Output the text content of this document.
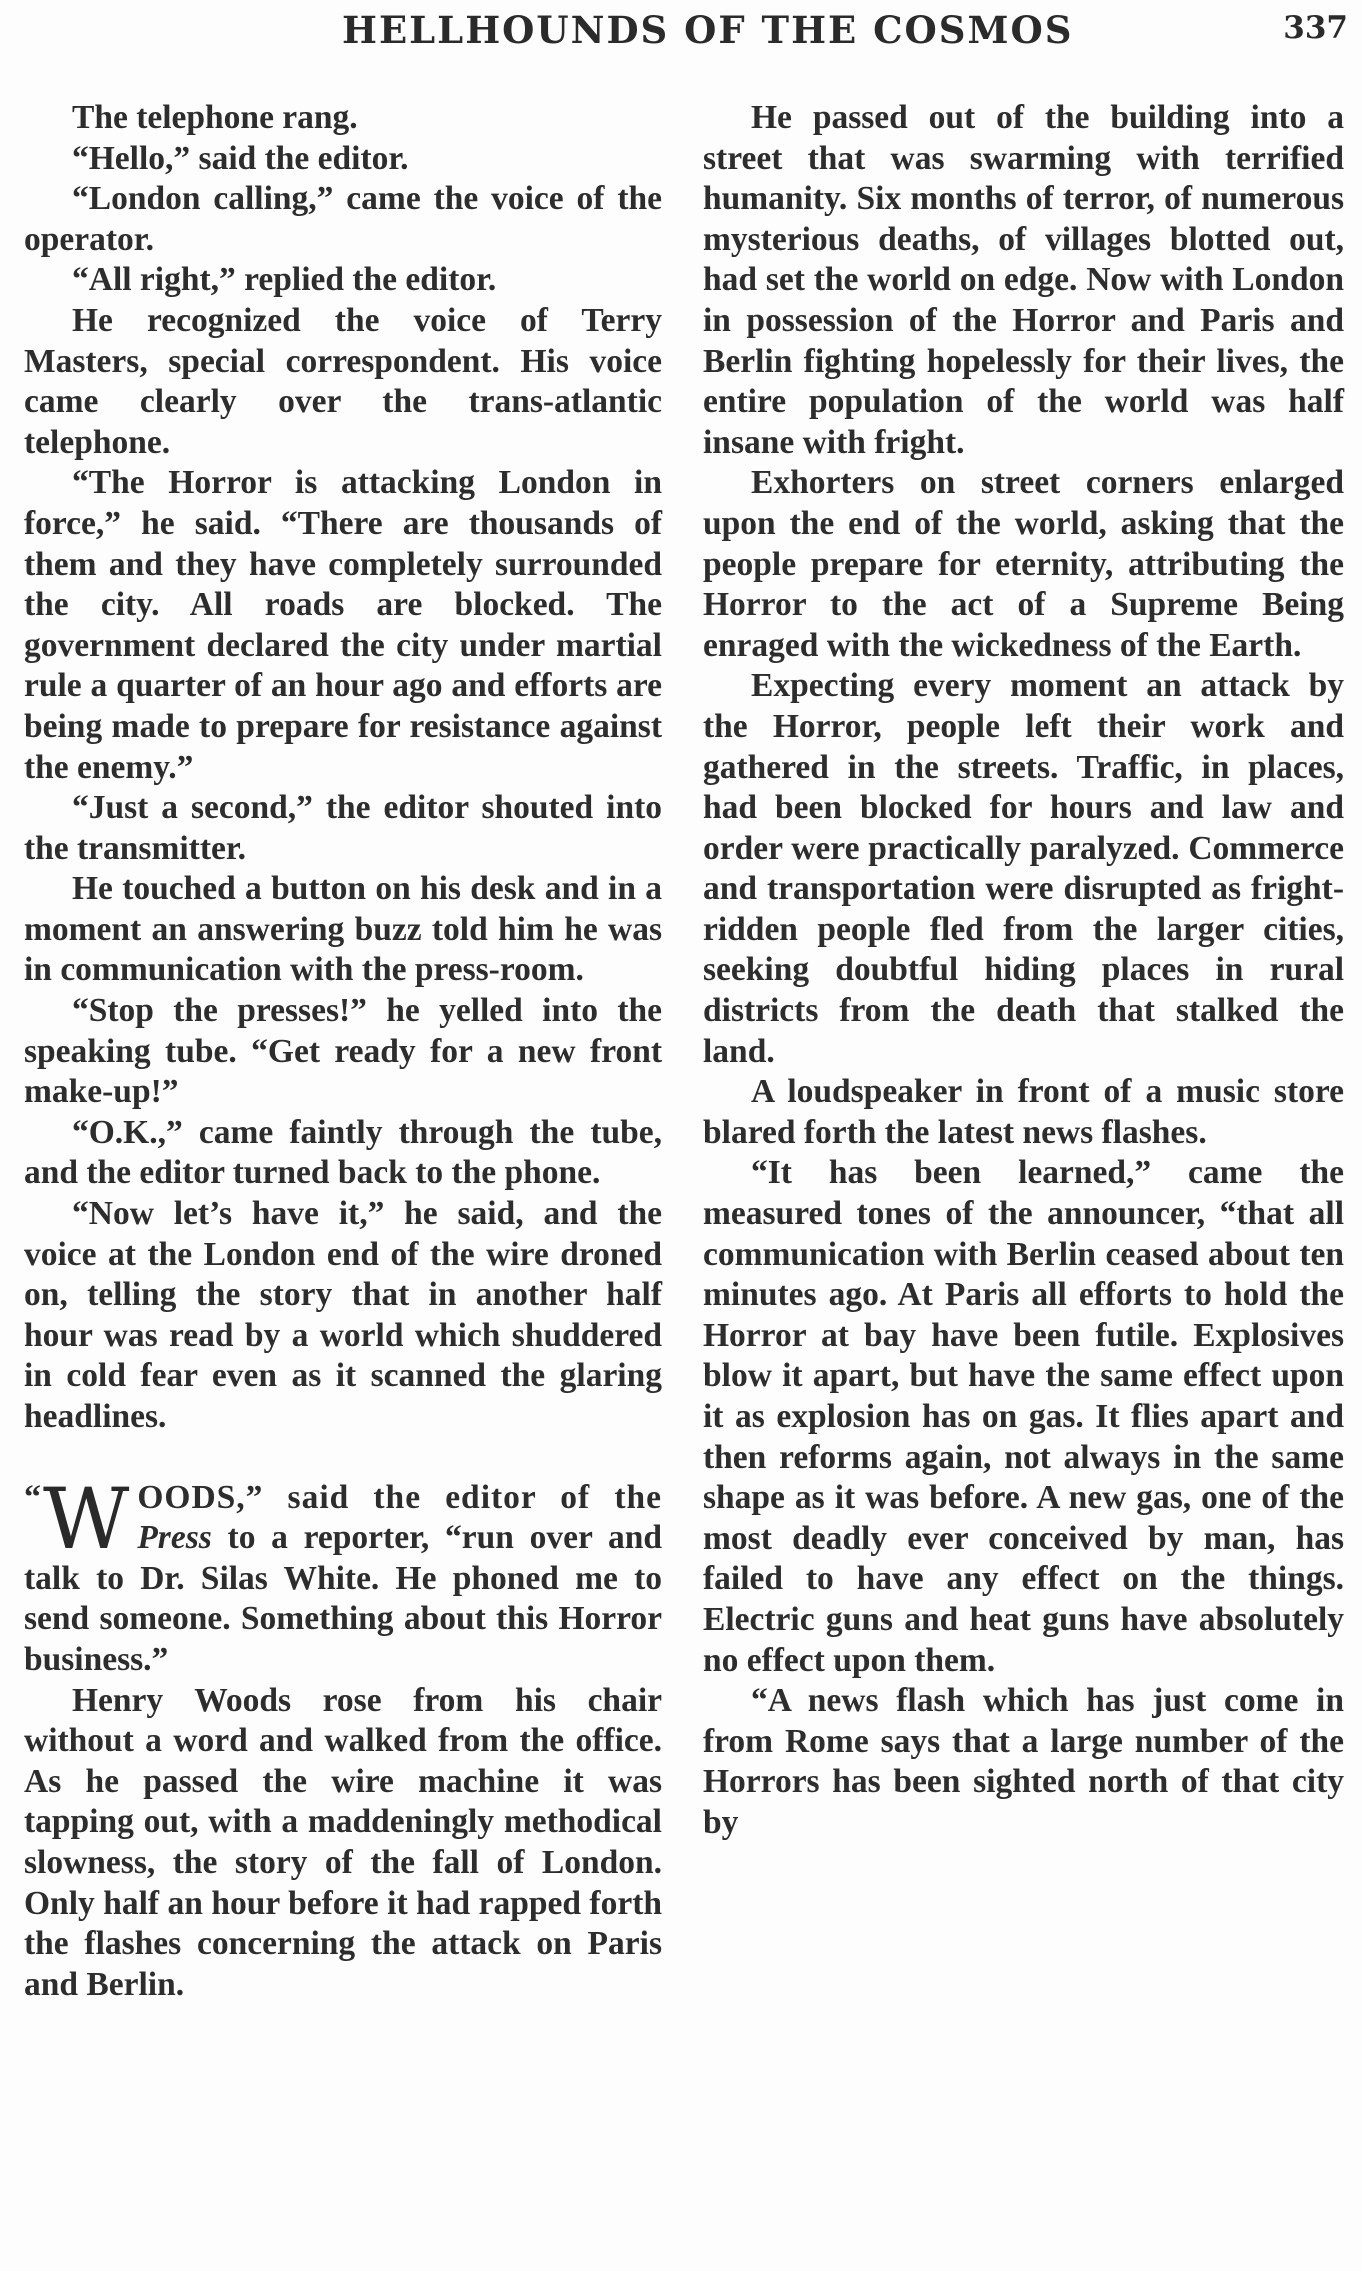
HELLHOUNDS OF THE COSMOS	337

The telephone rang.

“Hello,” said the editor.

“London calling,” came the voice of the operator.

“All right,” replied the editor.

He recognized the voice of Terry Masters, special correspondent. His voice came clearly over the trans-atlantic telephone.

“The Horror is attacking London in force,” he said. “There are thousands of them and they have completely surrounded the city. All roads are blocked. The government declared the city under martial rule a quarter of an hour ago and efforts are being made to prepare for resistance against the enemy.”

“Just a second,” the editor shouted into the transmitter.

He touched a button on his desk and in a moment an answering buzz told him he was in communication with the press-room.

“Stop the presses!” he yelled into the speaking tube. “Get ready for a new front make-up!”

“O.K.,” came faintly through the tube, and the editor turned back to the phone.

“Now let’s have it,” he said, and the voice at the London end of the wire droned on, telling the story that in another half hour was read by a world which shuddered in cold fear even as it scanned the glaring headlines.

“ W OODS,” said the editor of the Press to a reporter, “run over and talk to Dr. Silas White. He phoned me to send someone. Something about this Horror business.”

Henry Woods rose from his chair without a word and walked from the office. As he passed the wire machine it was tapping out, with a maddeningly methodical slowness, the story of the fall of London. Only half an hour before it had rapped forth the flashes concerning the attack on Paris and Berlin.

He passed out of the building into a street that was swarming with terrified humanity. Six months of terror, of numerous mysterious deaths, of villages blotted out, had set the world on edge. Now with London in possession of the Horror and Paris and Berlin fighting hopelessly for their lives, the entire population of the world was half insane with fright.

Exhorters on street corners enlarged upon the end of the world, asking that the people prepare for eternity, attributing the Horror to the act of a Supreme Being enraged with the wickedness of the Earth.

Expecting every moment an attack by the Horror, people left their work and gathered in the streets. Traffic, in places, had been blocked for hours and law and order were practically paralyzed. Commerce and transportation were disrupted as fright-ridden people fled from the larger cities, seeking doubtful hiding places in rural districts from the death that stalked the land.

A loudspeaker in front of a music store blared forth the latest news flashes.

“It has been learned,” came the measured tones of the announcer, “that all communication with Berlin ceased about ten minutes ago. At Paris all efforts to hold the Horror at bay have been futile. Explosives blow it apart, but have the same effect upon it as explosion has on gas. It flies apart and then reforms again, not always in the same shape as it was before. A new gas, one of the most deadly ever conceived by man, has failed to have any effect on the things. Electric guns and heat guns have absolutely no effect upon them.

“A news flash which has just come in from Rome says that a large number of the Horrors has been sighted north of that city by
